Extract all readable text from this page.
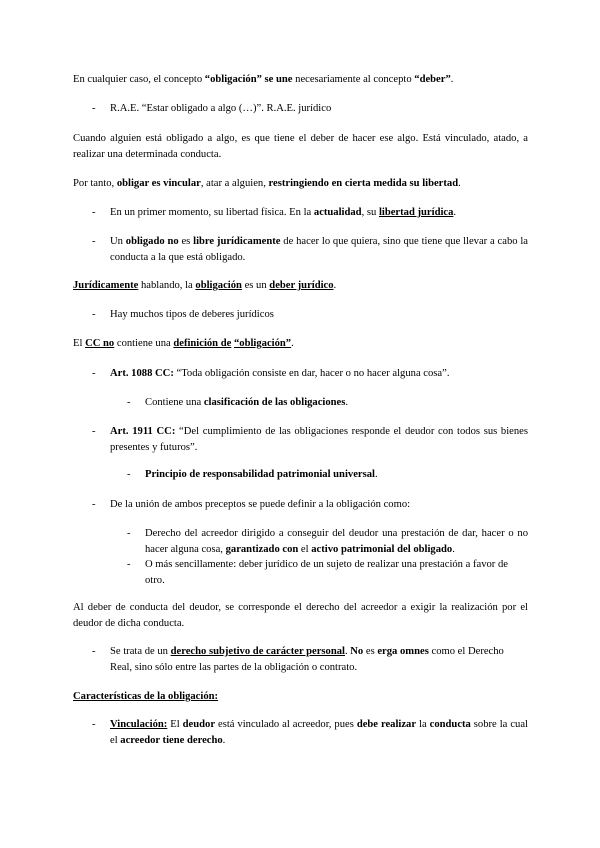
En cualquier caso, el concepto “obligación” se une necesariamente al concepto “deber”.
- R.A.E. “Estar obligado a algo (…)”. R.A.E. jurídico
Cuando alguien está obligado a algo, es que tiene el deber de hacer ese algo. Está vinculado, atado, a realizar una determinada conducta.
Por tanto, obligar es vincular, atar a alguien, restringiendo en cierta medida su libertad.
- En un primer momento, su libertad física. En la actualidad, su libertad jurídica.
- Un obligado no es libre jurídicamente de hacer lo que quiera, sino que tiene que llevar a cabo la conducta a la que está obligado.
Jurídicamente hablando, la obligación es un deber jurídico.
- Hay muchos tipos de deberes jurídicos
El CC no contiene una definición de “obligación”.
- Art. 1088 CC: “Toda obligación consiste en dar, hacer o no hacer alguna cosa”.
- Contiene una clasificación de las obligaciones.
- Art. 1911 CC: “Del cumplimiento de las obligaciones responde el deudor con todos sus bienes presentes y futuros”.
- Principio de responsabilidad patrimonial universal.
- De la unión de ambos preceptos se puede definir a la obligación como:
- Derecho del acreedor dirigido a conseguir del deudor una prestación de dar, hacer o no hacer alguna cosa, garantizado con el activo patrimonial del obligado.
- O más sencillamente: deber jurídico de un sujeto de realizar una prestación a favor de otro.
Al deber de conducta del deudor, se corresponde el derecho del acreedor a exigir la realización por el deudor de dicha conducta.
- Se trata de un derecho subjetivo de carácter personal. No es erga omnes como el Derecho Real, sino sólo entre las partes de la obligación o contrato.
Características de la obligación:
- Vinculación: El deudor está vinculado al acreedor, pues debe realizar la conducta sobre la cual el acreedor tiene derecho.
